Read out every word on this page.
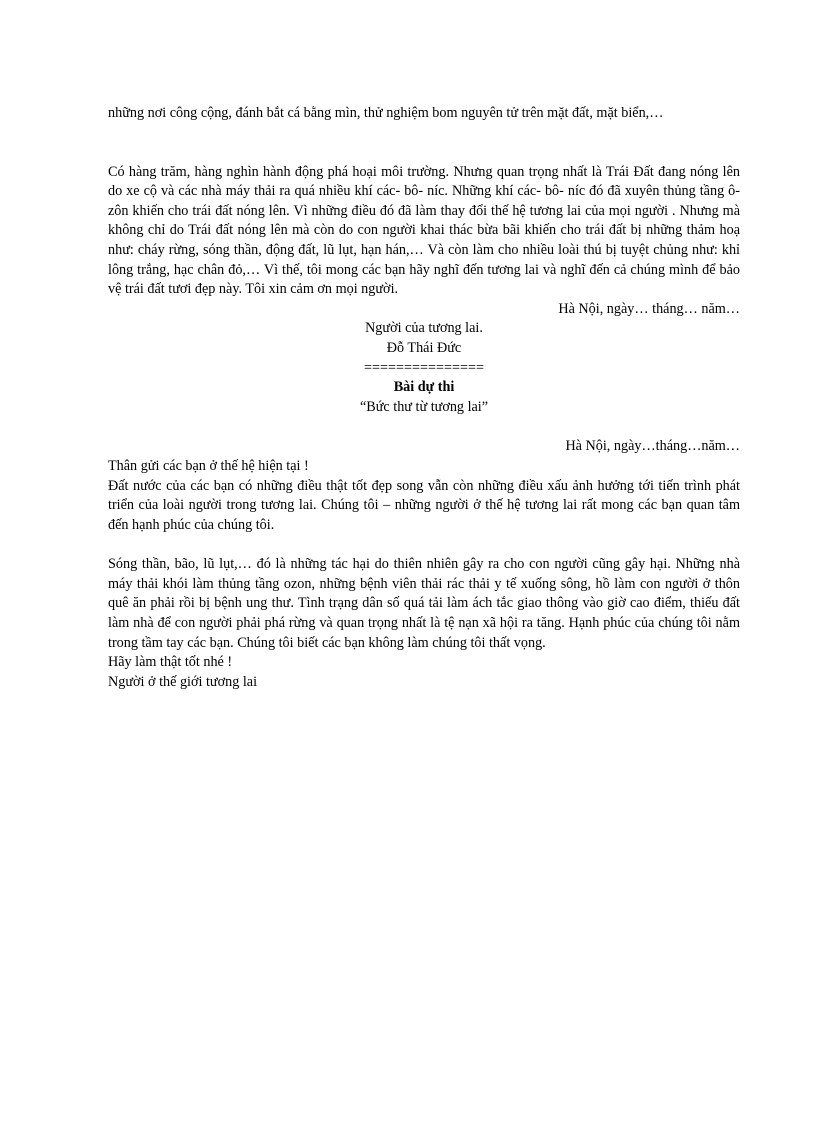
những nơi công cộng, đánh bắt cá bằng mìn, thử nghiệm bom nguyên tử trên mặt đất, mặt biển,…

Có hàng trăm, hàng nghìn hành động phá hoại môi trường. Nhưng quan trọng nhất là Trái Đất đang nóng lên do xe cộ và các nhà máy thải ra quá nhiều khí các- bô- níc. Những khí các- bô- níc đó đã xuyên thủng tầng ô- zôn khiến cho trái đất nóng lên. Vì những điều đó đã làm thay đổi thế hệ tương lai của mọi người . Nhưng mà không chỉ do Trái đất nóng lên mà còn do con người khai thác bừa bãi khiến cho trái đất bị những thảm hoạ như: cháy rừng, sóng thần, động đất, lũ lụt, hạn hán,… Và còn làm cho nhiều loài thú bị tuyệt chủng như: khỉ lông trắng, hạc chân đỏ,… Vì thế, tôi mong các bạn hãy nghĩ đến tương lai và nghĩ đến cả chúng mình để bảo vệ trái đất tươi đẹp này. Tôi xin cảm ơn mọi người.

Hà Nội, ngày… tháng… năm…

Người của tương lai.

Đỗ Thái Đức

===============

Bài dự thi

“Bức thư từ tương lai”

Hà Nội, ngày…tháng…năm…

Thân gửi các bạn ở thế hệ hiện tại !

Đất nước của các bạn có những điều thật tốt đẹp song vẫn còn những điều xấu ảnh hưởng tới tiến trình phát triển của loài người trong tương lai. Chúng tôi – những người ở thế hệ tương lai rất mong các bạn quan tâm đến hạnh phúc của chúng tôi.

Sóng thần, bão, lũ lụt,… đó là những tác hại do thiên nhiên gây ra cho con người cũng gây hại. Những nhà máy thải khói làm thủng tầng ozon, những bệnh viên thải rác thải y tế xuống sông, hồ làm con người ở thôn quê ăn phải rồi bị bệnh ung thư. Tình trạng dân số quá tải làm ách tắc giao thông vào giờ cao điểm, thiếu đất làm nhà để con người phải phá rừng và quan trọng nhất là tệ nạn xã hội ra tăng. Hạnh phúc của chúng tôi nằm trong tầm tay các bạn. Chúng tôi biết các bạn không làm chúng tôi thất vọng.

Hãy làm thật tốt nhé !

Người ở thế giới tương lai
